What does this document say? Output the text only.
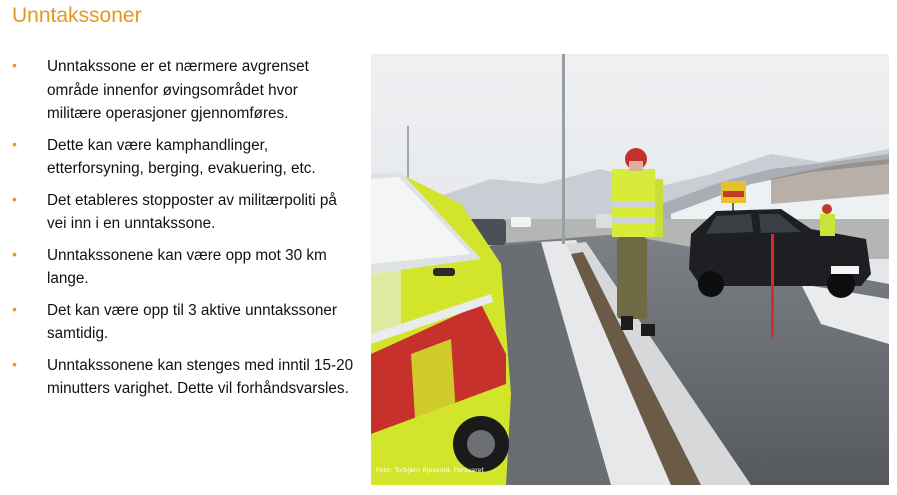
Unntakssoner
• Unntakssone er et nærmere avgrenset område innenfor øvingsområdet hvor militære operasjoner gjennomføres.
• Dette kan være kamphandlinger, etterforsyning, berging, evakuering, etc.
• Det etableres stopposter av militærpoliti på vei inn i en unntakssone.
• Unntakssonene kan være opp mot 30 km lange.
• Det kan være opp til 3 aktive unntakssoner samtidig.
• Unntakssonene kan stenges med inntil 15-20 minutters varighet. Dette vil forhåndsvarsles.
Foto: Torbjørn Kjosvold, Forsvaret
